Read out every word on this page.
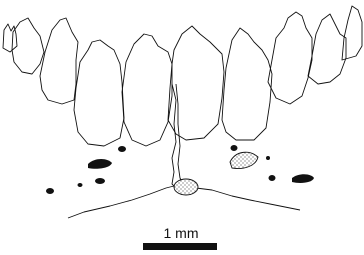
1 mm
